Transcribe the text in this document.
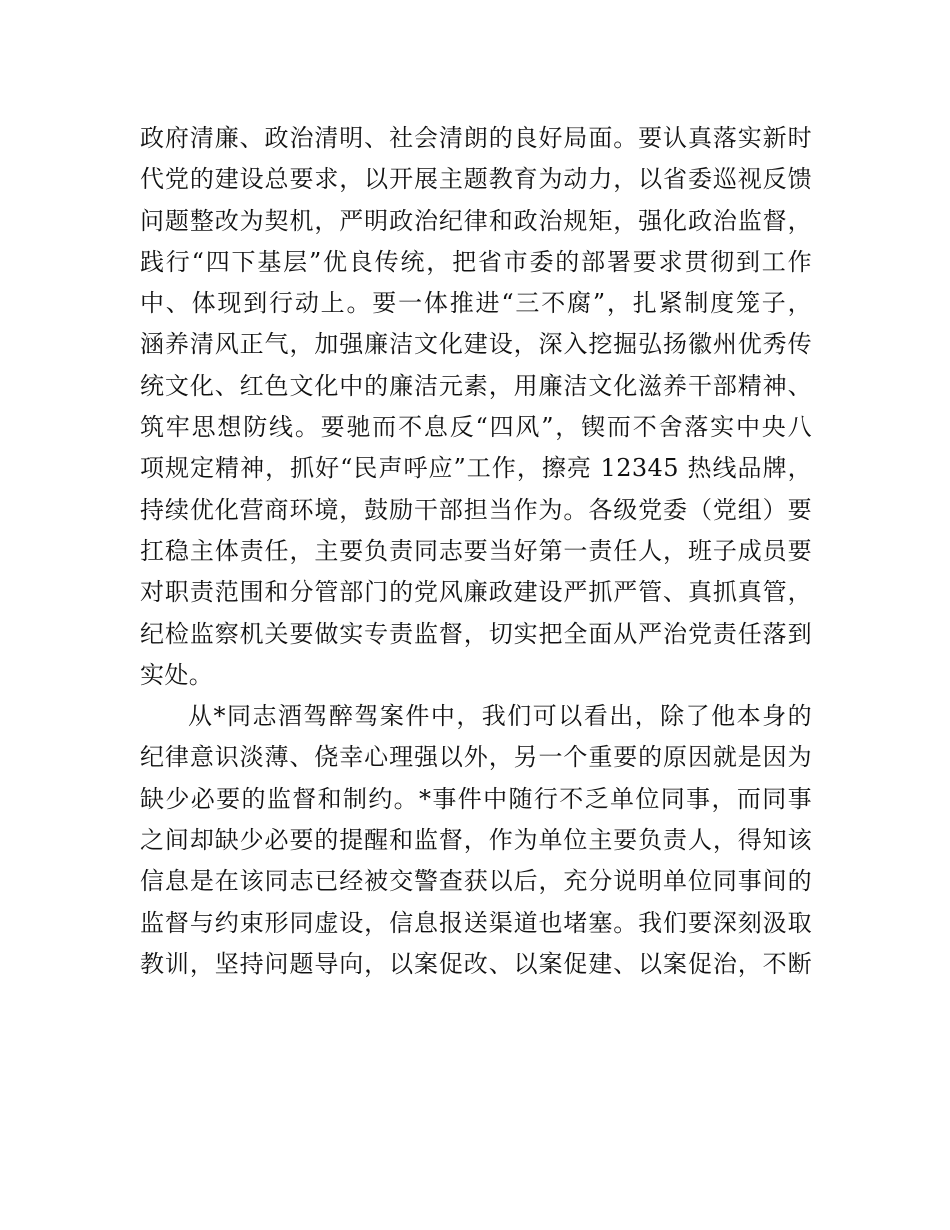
政府清廉、政治清明、社会清朗的良好局面。要认真落实新时
代党的建设总要求，以开展主题教育为动力，以省委巡视反馈
问题整改为契机，严明政治纪律和政治规矩，强化政治监督，
践行“四下基层”优良传统，把省市委的部署要求贯彻到工作
中、体现到行动上。要一体推进“三不腐”，扎紧制度笼子，
涵养清风正气，加强廉洁文化建设，深入挖掘弘扬徽州优秀传
统文化、红色文化中的廉洁元素，用廉洁文化滋养干部精神、
筑牢思想防线。要驰而不息反“四风”，锲而不舍落实中央八
项规定精神，抓好“民声呼应”工作，擦亮 12345 热线品牌，
持续优化营商环境，鼓励干部担当作为。各级党委（党组）要
扛稳主体责任，主要负责同志要当好第一责任人，班子成员要
对职责范围和分管部门的党风廉政建设严抓严管、真抓真管，
纪检监察机关要做实专责监督，切实把全面从严治党责任落到
实处。
从*同志酒驾醉驾案件中，我们可以看出，除了他本身的
纪律意识淡薄、侥幸心理强以外，另一个重要的原因就是因为
缺少必要的监督和制约。*事件中随行不乏单位同事，而同事
之间却缺少必要的提醒和监督，作为单位主要负责人，得知该
信息是在该同志已经被交警查获以后，充分说明单位同事间的
监督与约束形同虚设，信息报送渠道也堵塞。我们要深刻汲取
教训，坚持问题导向，以案促改、以案促建、以案促治，不断
